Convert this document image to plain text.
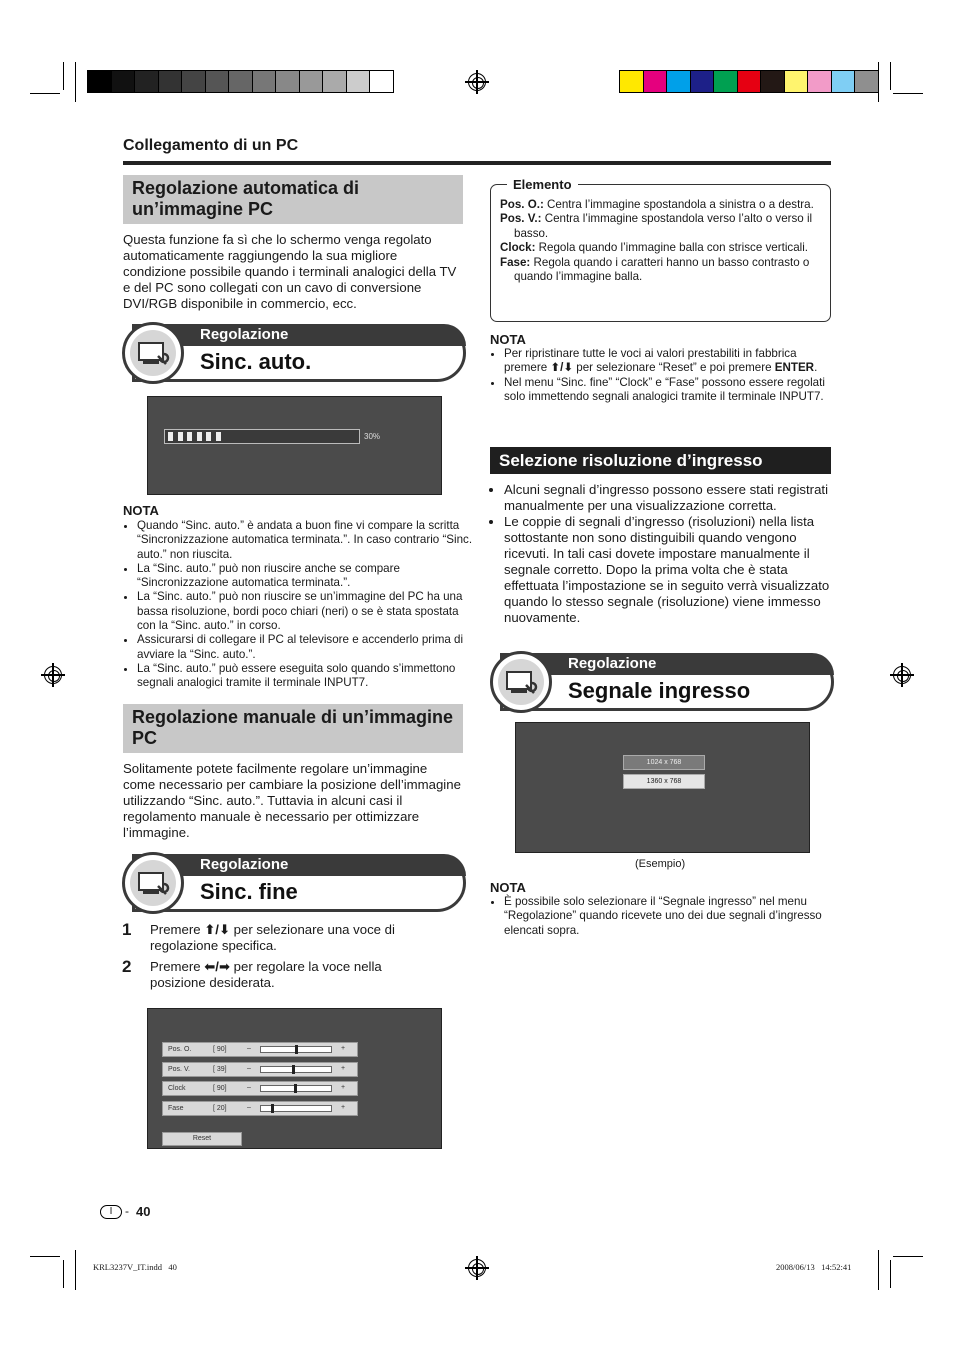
Collegamento di un PC
Regolazione automatica di un’immagine PC
Questa funzione fa sì che lo schermo venga regolato automaticamente raggiungendo la sua migliore condizione possibile quando i terminali analogici della TV e del PC sono collegati con un cavo di conversione DVI/RGB disponibile in commercio, ecc.
Regolazione
Sinc. auto.
30%
NOTA
• Quando “Sinc. auto.” è andata a buon fine vi compare la scritta “Sincronizzazione automatica terminata.”. In caso contrario “Sinc. auto.” non riuscita.
• La “Sinc. auto.” può non riuscire anche se compare “Sincronizzazione automatica terminata.”.
• La “Sinc. auto.” può non riuscire se un’immagine del PC ha una bassa risoluzione, bordi poco chiari (neri) o se è stata spostata con la “Sinc. auto.” in corso.
• Assicurarsi di collegare il PC al televisore e accenderlo prima di avviare la “Sinc. auto.”.
• La “Sinc. auto.” può essere eseguita solo quando s’immettono segnali analogici tramite il terminale INPUT7.
Regolazione manuale di un’immagine PC
Solitamente potete facilmente regolare un’immagine come necessario per cambiare la posizione dell’immagine utilizzando “Sinc. auto.”. Tuttavia in alcuni casi il regolamento manuale è necessario per ottimizzare l’immagine.
Regolazione
Sinc. fine
1 Premere ⬆/⬇ per selezionare una voce di regolazione specifica.
2 Premere ⬅/➡ per regolare la voce nella posizione desiderata.
Reset
Pos. O.	[ 90]	–	+
Pos. V.	[ 39]	–	+
Clock	[ 90]	–	+
Fase	[ 20]	–	+
Elemento

Pos. O.: Centra l’immagine spostandola a sinistra o a destra.

Pos. V.: Centra l’immagine spostandola verso l’alto o verso il basso.

Clock: Regola quando l’immagine balla con strisce verticali.

Fase: Regola quando i caratteri hanno un basso contrasto o quando l’immagine balla.

NOTA
• Per ripristinare tutte le voci ai valori prestabiliti in fabbrica premere ⬆/⬇ per selezionare “Reset” e poi premere ENTER.
• Nel menu “Sinc. fine” “Clock” e “Fase” possono essere regolati solo immettendo segnali analogici tramite il terminale INPUT7.
Selezione risoluzione d’ingresso
• Alcuni segnali d’ingresso possono essere stati registrati manualmente per una visualizzazione corretta.
• Le coppie di segnali d’ingresso (risoluzioni) nella lista sottostante non sono distinguibili quando vengono ricevuti. In tali casi dovete impostare manualmente il segnale corretto. Dopo la prima volta che è stata effettuata l’impostazione se in seguito verrà visualizzato quando lo stesso segnale (risoluzione) viene immesso nuovamente.
Regolazione
Segnale ingresso
1024 x 768
1360 x 768
(Esempio)
NOTA
• È possibile solo selezionare il “Segnale ingresso” nel menu “Regolazione” quando ricevete uno dei due segnali d’ingresso elencati sopra.
I	- 40
KRL3237V_IT.indd   40	2008/06/13   14:52:41
